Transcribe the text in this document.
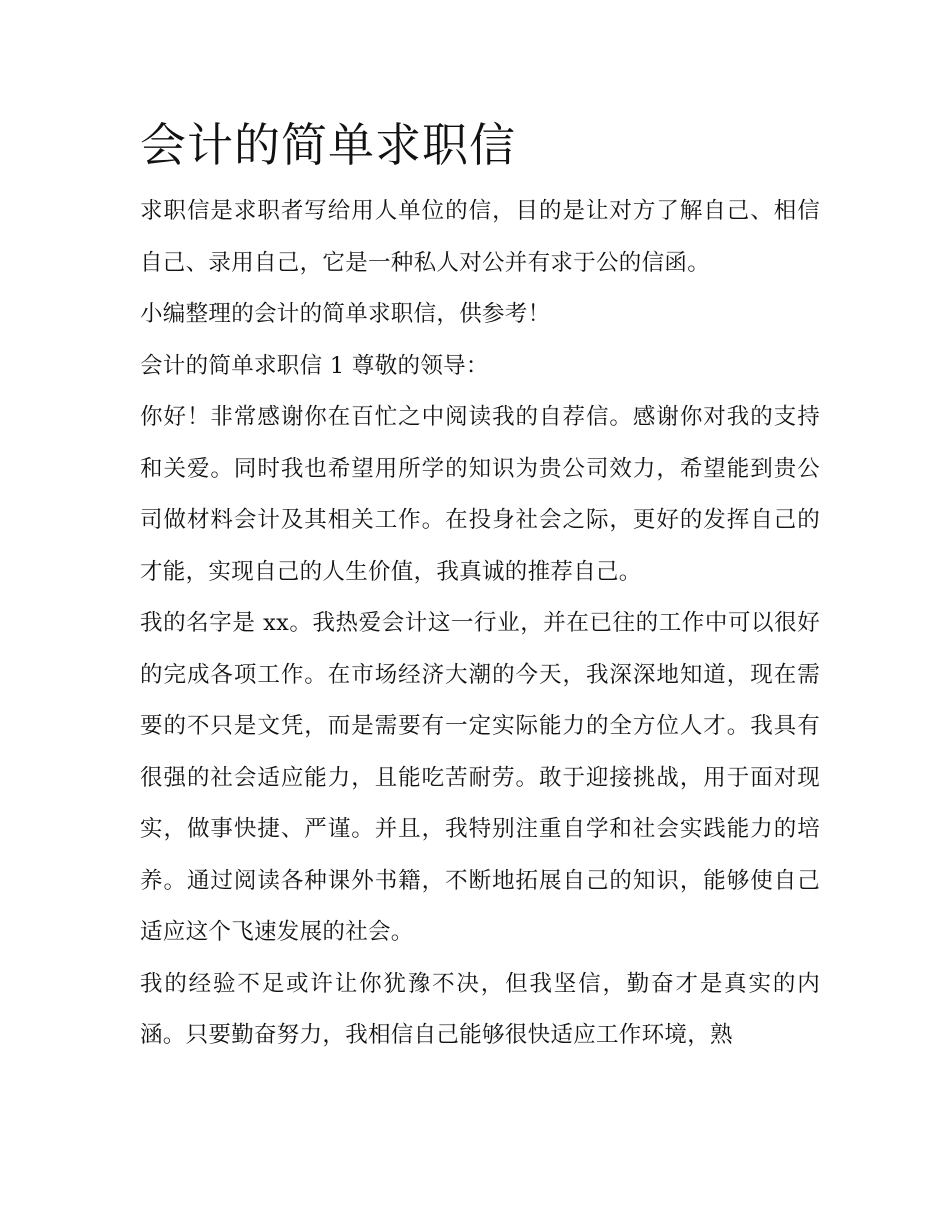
会计的简单求职信

求职信是求职者写给用人单位的信，目的是让对方了解自己、相信自己、录用自己，它是一种私人对公并有求于公的信函。

小编整理的会计的简单求职信，供参考！

会计的简单求职信 1 尊敬的领导：

你好！非常感谢你在百忙之中阅读我的自荐信。感谢你对我的支持和关爱。同时我也希望用所学的知识为贵公司效力，希望能到贵公司做材料会计及其相关工作。在投身社会之际，更好的发挥自己的才能，实现自己的人生价值，我真诚的推荐自己。

我的名字是 xx。我热爱会计这一行业，并在已往的工作中可以很好的完成各项工作。在市场经济大潮的今天，我深深地知道，现在需要的不只是文凭，而是需要有一定实际能力的全方位人才。我具有很强的社会适应能力，且能吃苦耐劳。敢于迎接挑战，用于面对现实，做事快捷、严谨。并且，我特别注重自学和社会实践能力的培养。通过阅读各种课外书籍，不断地拓展自己的知识，能够使自己适应这个飞速发展的社会。

我的经验不足或许让你犹豫不决，但我坚信，勤奋才是真实的内涵。只要勤奋努力，我相信自己能够很快适应工作环境，熟
